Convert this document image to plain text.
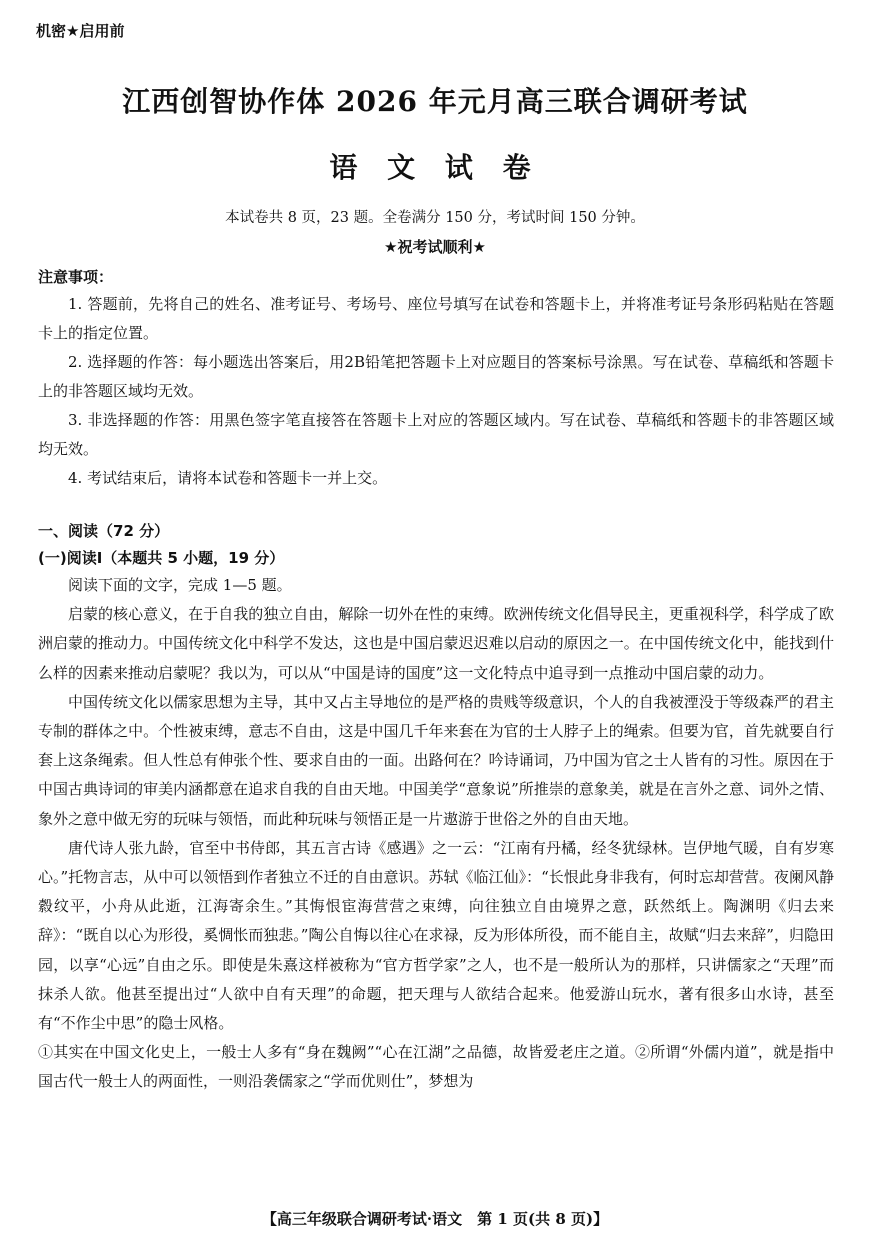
机密★启用前
江西创智协作体 2026 年元月高三联合调研考试
语 文 试 卷
本试卷共 8 页，23 题。全卷满分 150 分，考试时间 150 分钟。
★祝考试顺利★
注意事项：

1. 答题前，先将自己的姓名、准考证号、考场号、座位号填写在试卷和答题卡上，并将准考证号条形码粘贴在答题卡上的指定位置。

2. 选择题的作答：每小题选出答案后，用2B铅笔把答题卡上对应题目的答案标号涂黑。写在试卷、草稿纸和答题卡上的非答题区域均无效。

3. 非选择题的作答：用黑色签字笔直接答在答题卡上对应的答题区域内。写在试卷、草稿纸和答题卡的非答题区域均无效。

4. 考试结束后，请将本试卷和答题卡一并上交。

一、阅读（72 分）
(一)阅读Ⅰ（本题共 5 小题，19 分）

阅读下面的文字，完成 1—5 题。

启蒙的核心意义，在于自我的独立自由，解除一切外在性的束缚。欧洲传统文化倡导民主，更重视科学，科学成了欧洲启蒙的推动力。中国传统文化中科学不发达，这也是中国启蒙迟迟难以启动的原因之一。在中国传统文化中，能找到什么样的因素来推动启蒙呢？我以为，可以从“中国是诗的国度”这一文化特点中追寻到一点推动中国启蒙的动力。

中国传统文化以儒家思想为主导，其中又占主导地位的是严格的贵贱等级意识，个人的自我被湮没于等级森严的君主专制的群体之中。个性被束缚，意志不自由，这是中国几千年来套在为官的士人脖子上的绳索。但要为官，首先就要自行套上这条绳索。但人性总有伸张个性、要求自由的一面。出路何在？吟诗诵词，乃中国为官之士人皆有的习性。原因在于中国古典诗词的审美内涵都意在追求自我的自由天地。中国美学“意象说”所推崇的意象美，就是在言外之意、词外之情、象外之意中做无穷的玩味与领悟，而此种玩味与领悟正是一片遨游于世俗之外的自由天地。

唐代诗人张九龄，官至中书侍郎，其五言古诗《感遇》之一云：“江南有丹橘，经冬犹绿林。岂伊地气暖，自有岁寒心。”托物言志，从中可以领悟到作者独立不迁的自由意识。苏轼《临江仙》：“长恨此身非我有，何时忘却营营。夜阑风静縠纹平，小舟从此逝，江海寄余生。”其悔恨宦海营营之束缚，向往独立自由境界之意，跃然纸上。陶渊明《归去来辞》：“既自以心为形役，奚惆怅而独悲。”陶公自悔以往心在求禄，反为形体所役，而不能自主，故赋“归去来辞”，归隐田园，以享“心远”自由之乐。即使是朱熹这样被称为“官方哲学家”之人，也不是一般所认为的那样，只讲儒家之“天理”而抹杀人欲。他甚至提出过“人欲中自有天理”的命题，把天理与人欲结合起来。他爱游山玩水，著有很多山水诗，甚至有“不作尘中思”的隐士风格。

①其实在中国文化史上，一般士人多有“身在魏阙”“心在江湖”之品德，故皆爱老庄之道。②所谓“外儒内道”，就是指中国古代一般士人的两面性，一则沿袭儒家之“学而优则仕”，梦想为

【高三年级联合调研考试·语文　第 1 页(共 8 页)】
